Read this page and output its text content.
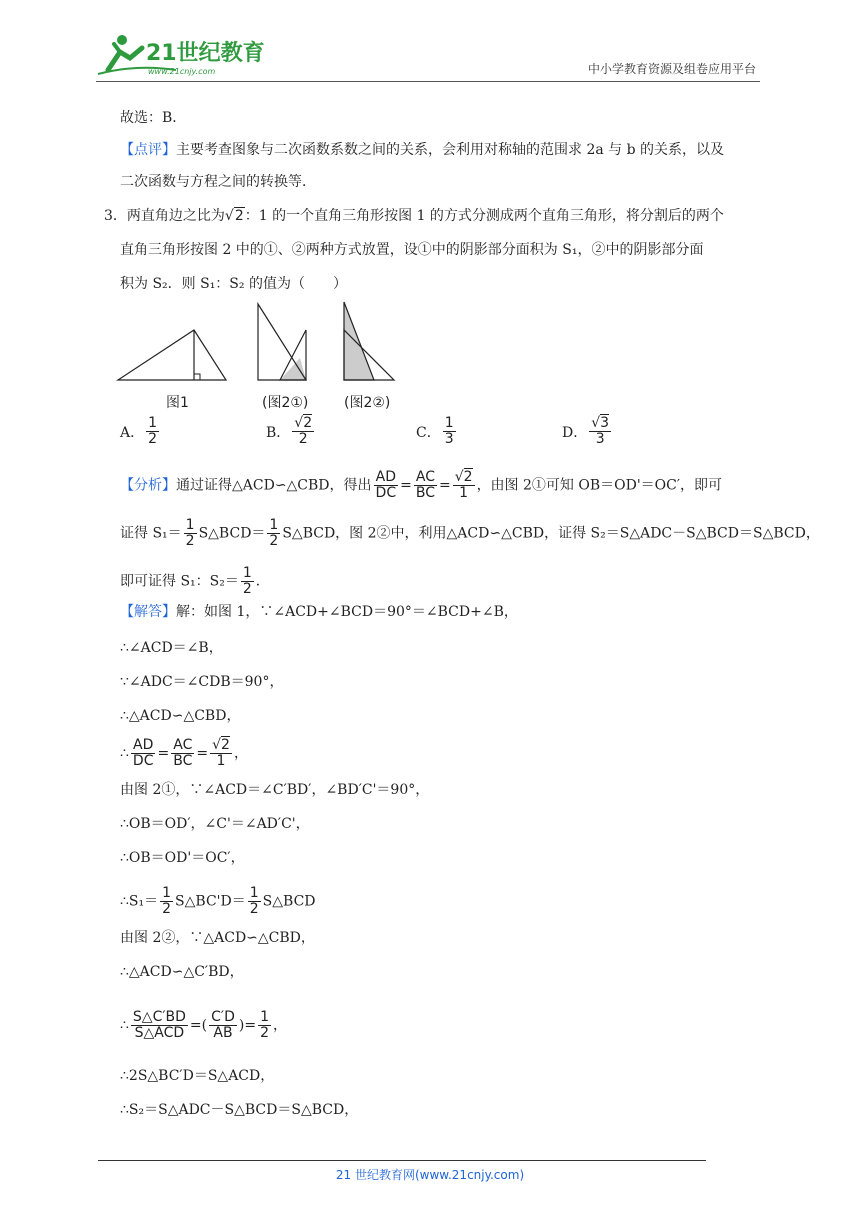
21世纪教育
www.21cnjy.com	中小学教育资源及组卷应用平台
故选：B．
【点评】主要考查图象与二次函数系数之间的关系，会利用对称轴的范围求 2a 与 b 的关系，以及
二次函数与方程之间的转换等．
3．两直角边之比为√2：1 的一个直角三角形按图 1 的方式分测成两个直角三角形，将分割后的两个
直角三角形按图 2 中的①、②两种方式放置，设①中的阴影部分面积为 S₁，②中的阴影部分面
积为 S₂．则 S₁：S₂ 的值为（　　）
图1	(图2①)	(图2②)
A． $\frac{1}{2}$	B． $\frac{√2}{2}$	C． $\frac{1}{3}$	D． $\frac{√3}{3}$
【分析】通过证得△ACD∽△CBD，得出 $\frac{AD}{DC} = \frac{AC}{BC} = \frac{√2}{1}$ ，由图 2①可知 OB＝OD'＝OC′，即可
证得 $S_1= \frac{1}{2}$ S△BCD＝ $\frac{1}{2}$ S△BCD，图 2②中，利用△ACD∽△CBD，证得 S₂＝S△ADC－S△BCD＝S△BCD，
即可证得 S₁：$S_2= \frac{1}{2}$ ．
【解答】解：如图 1，∵∠ACD+∠BCD＝90°＝∠BCD+∠B，
∴∠ACD＝∠B，
∵∠ADC＝∠CDB＝90°，
∴△ACD∽△CBD，
∴ $\frac{AD}{DC} = \frac{AC}{BC} = \frac{√2}{1}$ ，
由图 2①，∵∠ACD＝∠C′BD′，∠BD′C'＝90°，
∴OB＝OD′，∠C'＝∠AD′C'，
∴OB＝OD'＝OC′，
∴S₁＝ $\frac{1}{2}$ S△BC'D＝ $\frac{1}{2}$ S△BCD
由图 2②，∵△ACD∽△CBD，
∴△ACD∽△C′BD，
∴ $\frac{S\triangle C'BD}{\text{S△ACD}}$ =( $\frac{C'D}{AB}$ )= $\frac{1}{2}$ ，
∴2S△BC′D＝S△ACD，
∴S₂＝S△ADC－S△BCD＝S△BCD，
21 世纪教育网(www.21cnjy.com)
